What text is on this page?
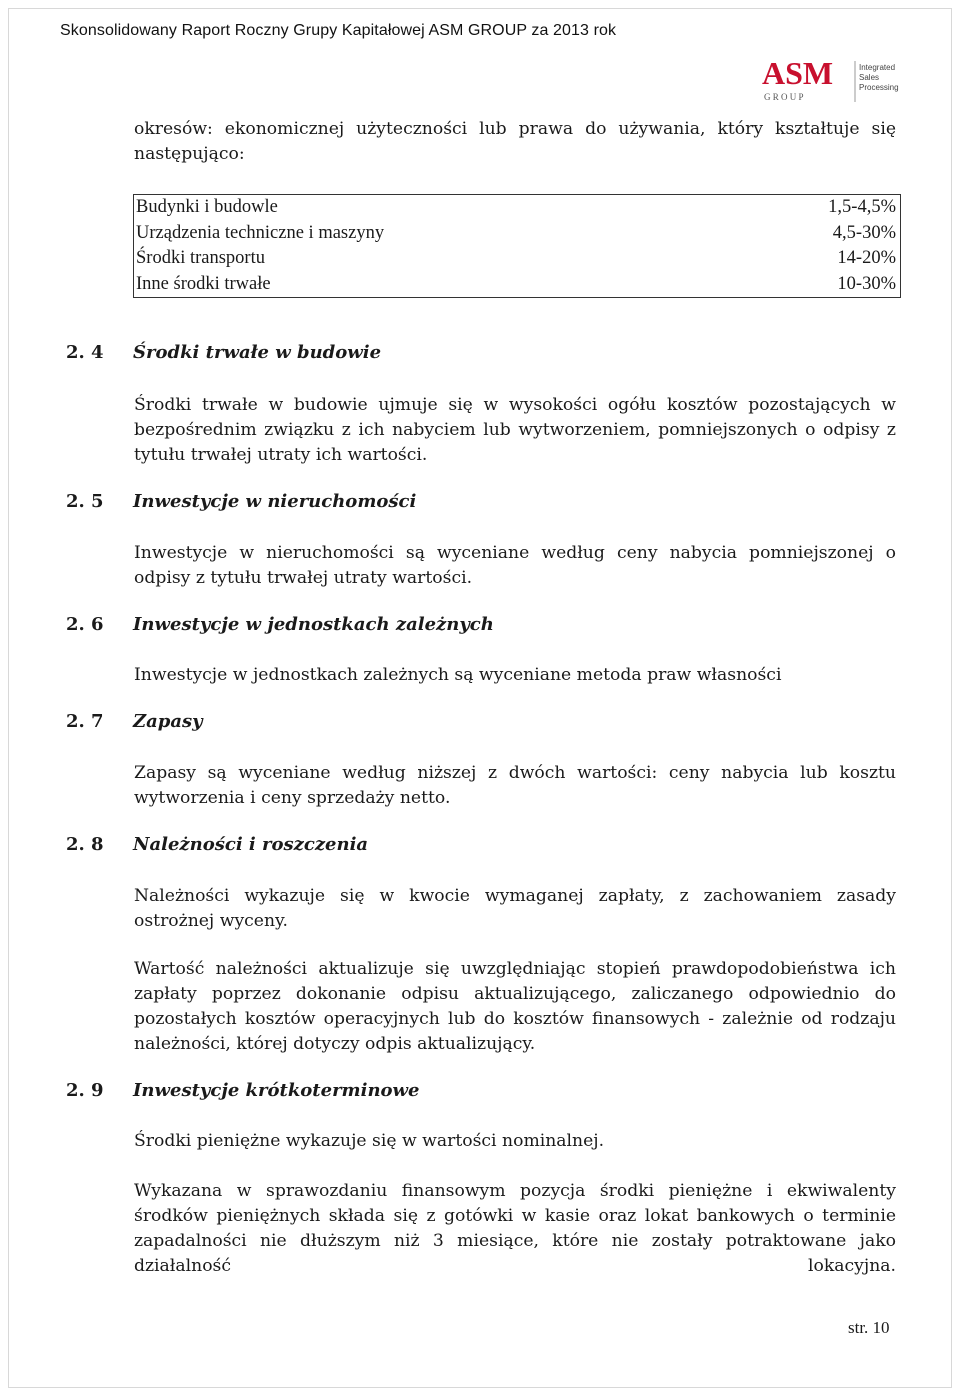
Skonsolidowany Raport Roczny Grupy Kapitałowej ASM GROUP za 2013 rok
ASM
G R O U P
Integrated
Sales
Processing

okresów: ekonomicznej użyteczności lub prawa do używania, który kształtuje się następująco:

Budynki i budowle	1,5-4,5%
Urządzenia techniczne i maszyny	4,5-30%
Środki transportu	14-20%
Inne środki trwałe	10-30%
2. 4 Środki trwałe w budowie

Środki trwałe w budowie ujmuje się w wysokości ogółu kosztów pozostających w bezpośrednim związku z ich nabyciem lub wytworzeniem, pomniejszonych o odpisy z tytułu trwałej utraty ich wartości.

2. 5 Inwestycje w nieruchomości

Inwestycje w nieruchomości są wyceniane według ceny nabycia pomniejszonej o odpisy z tytułu trwałej utraty wartości.

2. 6 Inwestycje w jednostkach zależnych

Inwestycje w jednostkach zależnych są wyceniane metoda praw własności

2. 7 Zapasy

Zapasy są wyceniane według niższej z dwóch wartości: ceny nabycia lub kosztu wytworzenia i ceny sprzedaży netto.

2. 8 Należności i roszczenia

Należności wykazuje się w kwocie wymaganej zapłaty, z zachowaniem zasady ostrożnej wyceny.

Wartość należności aktualizuje się uwzględniając stopień prawdopodobieństwa ich zapłaty poprzez dokonanie odpisu aktualizującego, zaliczanego odpowiednio do pozostałych kosztów operacyjnych lub do kosztów finansowych - zależnie od rodzaju należności, której dotyczy odpis aktualizujący.

2. 9 Inwestycje krótkoterminowe

Środki pieniężne wykazuje się w wartości nominalnej.

Wykazana w sprawozdaniu finansowym pozycja środki pieniężne i ekwiwalenty środków pieniężnych składa się z gotówki w kasie oraz lokat bankowych o terminie zapadalności nie dłuższym niż 3 miesiące, które nie zostały potraktowane jako działalność lokacyjna.

str. 10
